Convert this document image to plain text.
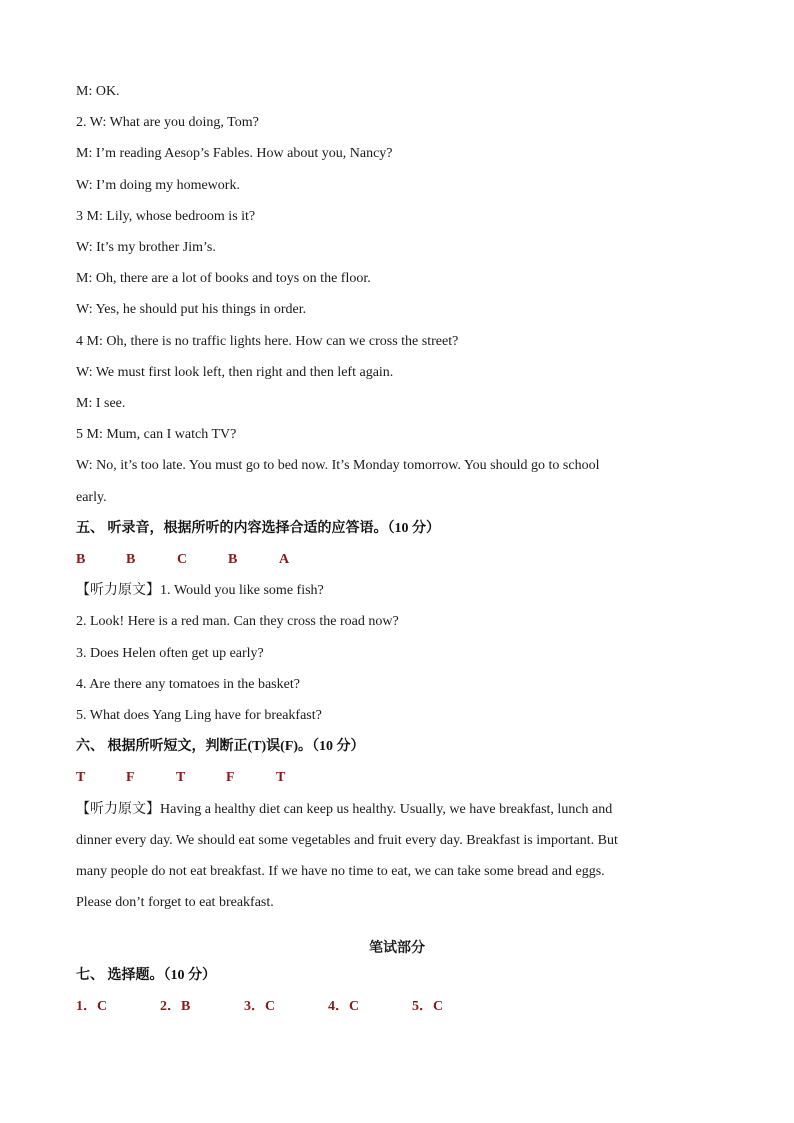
M: OK.
2. W: What are you doing, Tom?
M: I’m reading Aesop’s Fables. How about you, Nancy?
W: I’m doing my homework.
3 M: Lily, whose bedroom is it?
W: It’s my brother Jim’s.
M: Oh, there are a lot of books and toys on the floor.
W: Yes, he should put his things in order.
4 M: Oh, there is no traffic lights here. How can we cross the street?
W: We must first look left, then right and then left again.
M: I see.
5 M: Mum, can I watch TV?
W: No, it’s too late. You must go to bed now. It’s Monday tomorrow. You should go to school
early.
五、 听录音，根据所听的内容选择合适的应答语。（10 分）
B	B	C	B	A
【听力原文】1. Would you like some fish?
2. Look! Here is a red man. Can they cross the road now?
3. Does Helen often get up early?
4. Are there any tomatoes in the basket?
5. What does Yang Ling have for breakfast?
六、 根据所听短文，判断正(T)误(F)。（10 分）
T	F	T	F	T
【听力原文】Having a healthy diet can keep us healthy. Usually, we have breakfast, lunch and
dinner every day. We should eat some vegetables and fruit every day. Breakfast is important. But
many people do not eat breakfast. If we have no time to eat, we can take some bread and eggs.
Please don’t forget to eat breakfast.
笔试部分
七、 选择题。（10 分）
1．C	2．B	3．C	4．C	5．C
